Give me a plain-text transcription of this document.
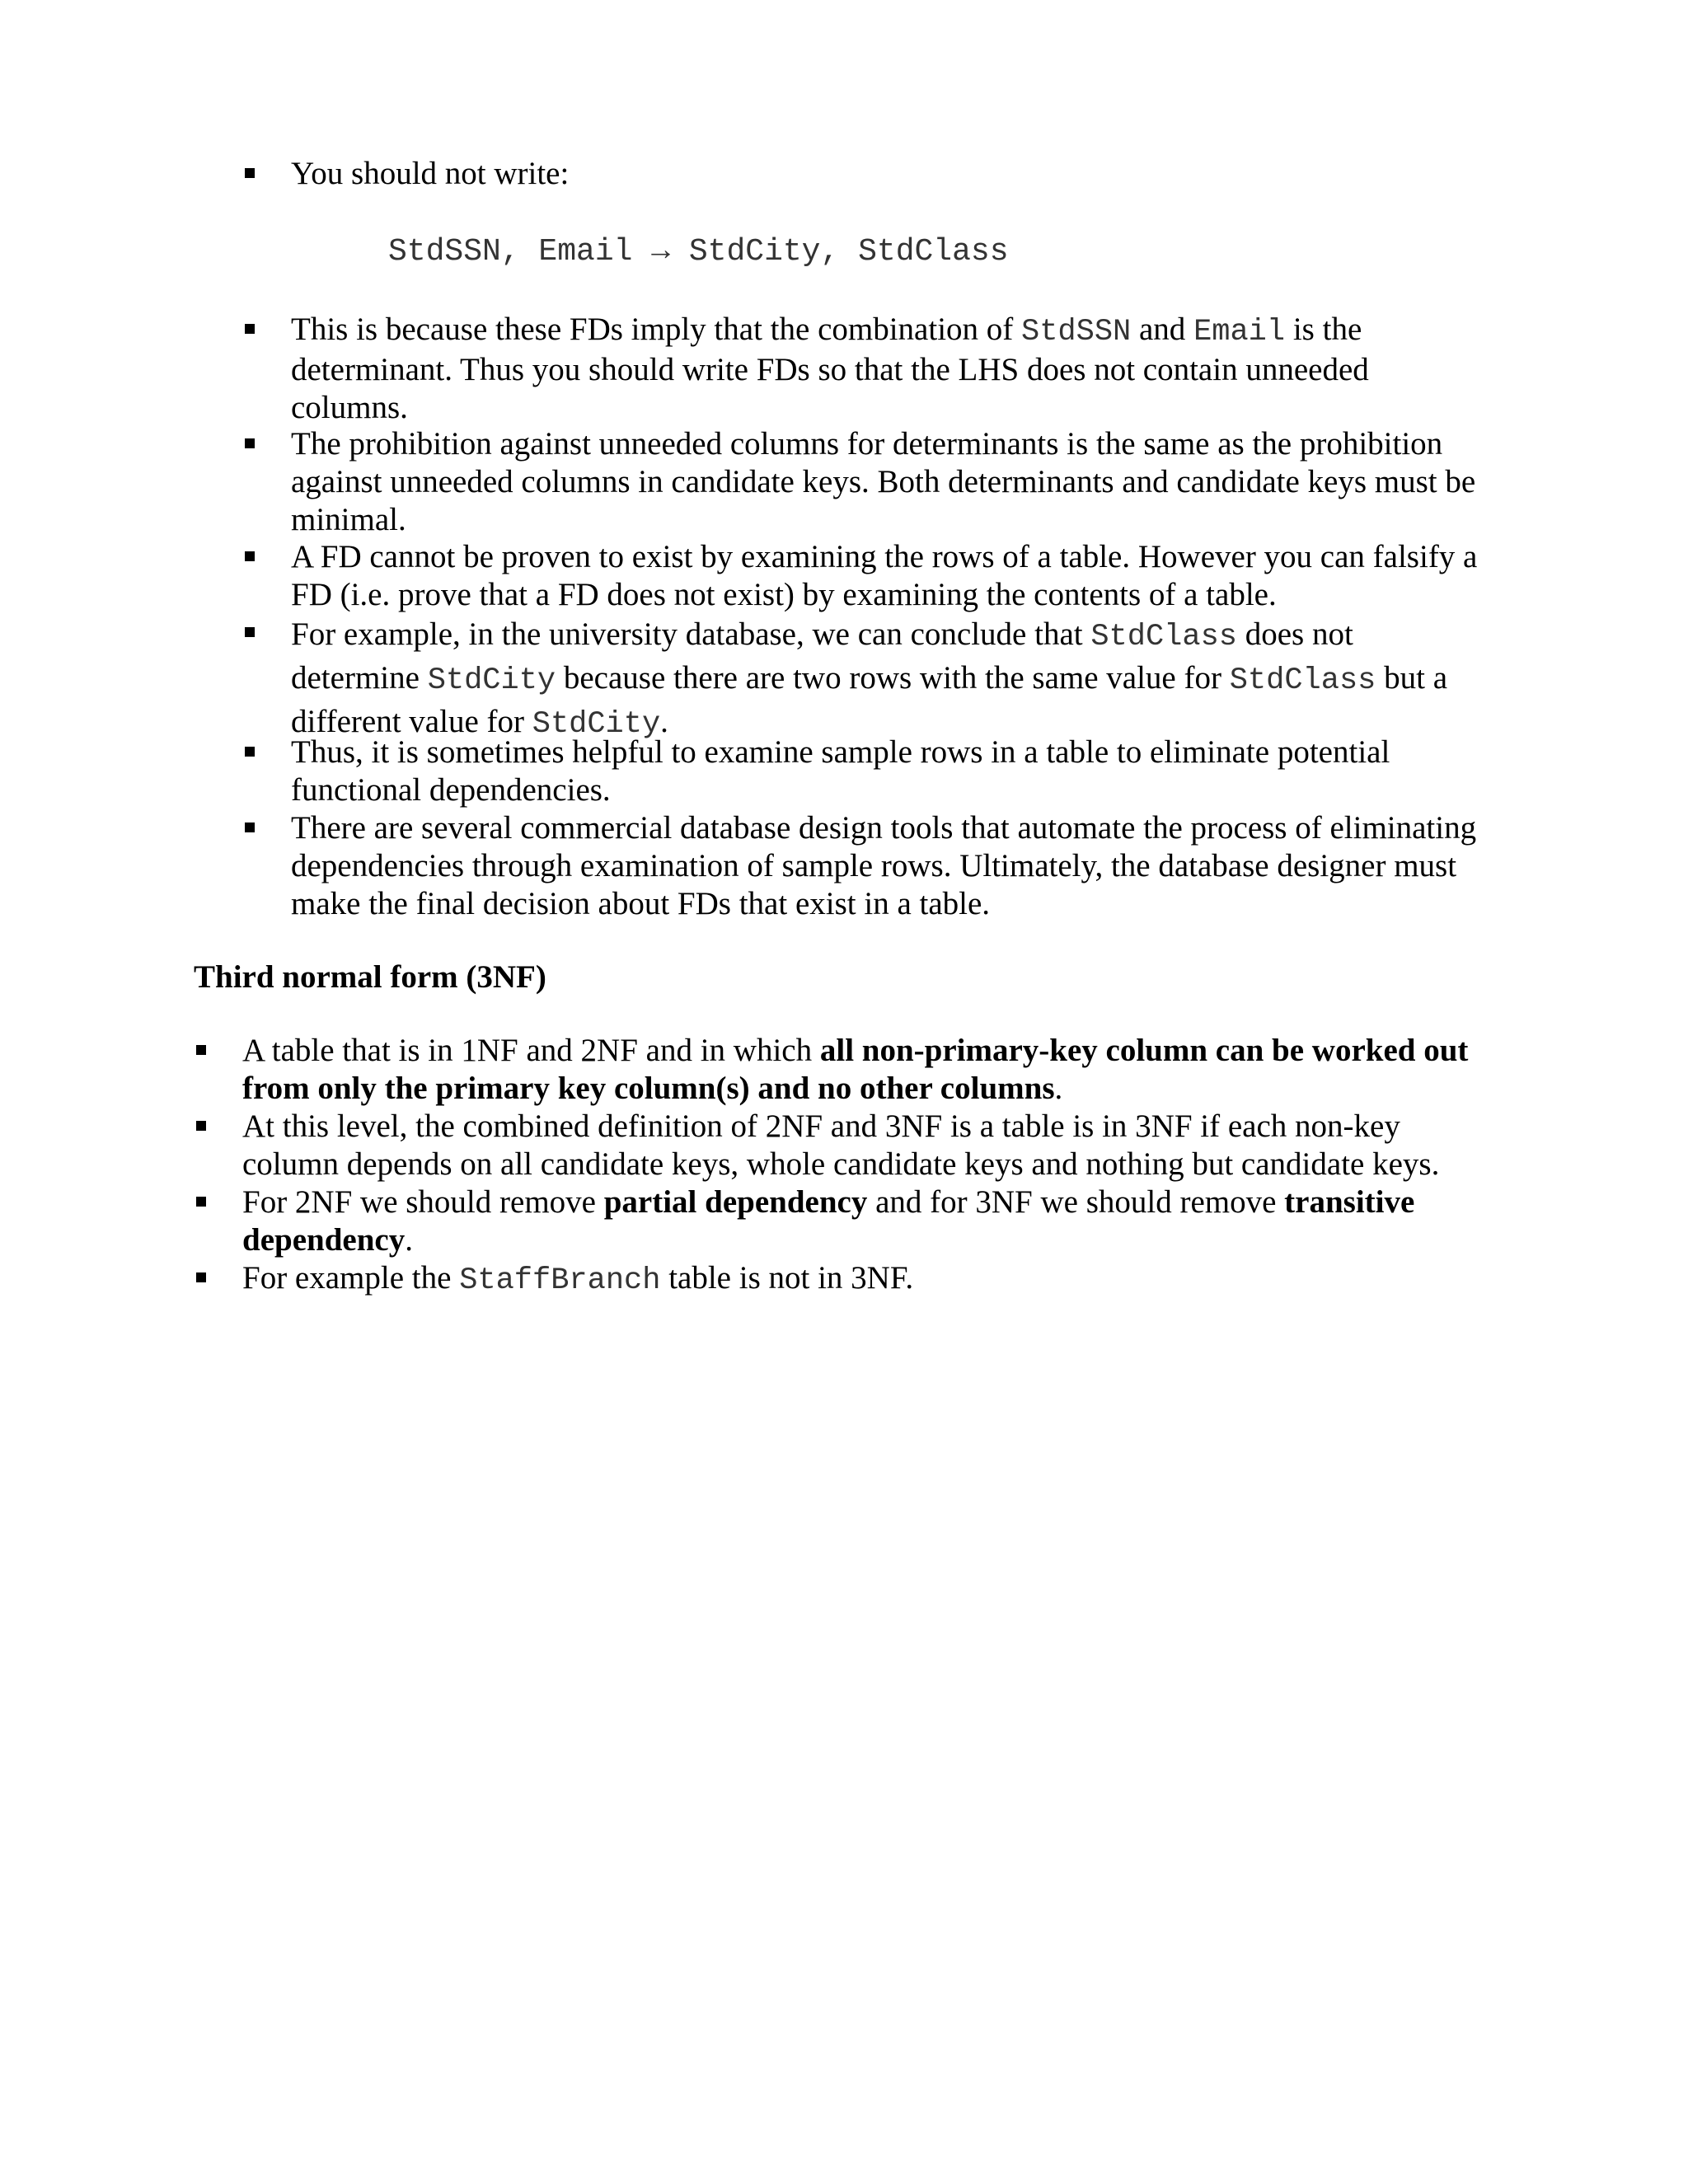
You should not write:

StdSSN, Email → StdCity, StdClass

This is because these FDs imply that the combination of StdSSN and Email is the
determinant. Thus you should write FDs so that the LHS does not contain unneeded
columns.

The prohibition against unneeded columns for determinants is the same as the prohibition
against unneeded columns in candidate keys. Both determinants and candidate keys must be
minimal.

A FD cannot be proven to exist by examining the rows of a table. However you can falsify a
FD (i.e. prove that a FD does not exist) by examining the contents of a table.

For example, in the university database, we can conclude that StdClass does not
determine StdCity because there are two rows with the same value for StdClass but a
different value for StdCity.

Thus, it is sometimes helpful to examine sample rows in a table to eliminate potential
functional dependencies.

There are several commercial database design tools that automate the process of eliminating
dependencies through examination of sample rows. Ultimately, the database designer must
make the final decision about FDs that exist in a table.

Third normal form (3NF)

A table that is in 1NF and 2NF and in which all non-primary-key column can be worked out
from only the primary key column(s) and no other columns.

At this level, the combined definition of 2NF and 3NF is a table is in 3NF if each non-key
column depends on all candidate keys, whole candidate keys and nothing but candidate keys.

For 2NF we should remove partial dependency and for 3NF we should remove transitive
dependency.

For example the StaffBranch table is not in 3NF.
